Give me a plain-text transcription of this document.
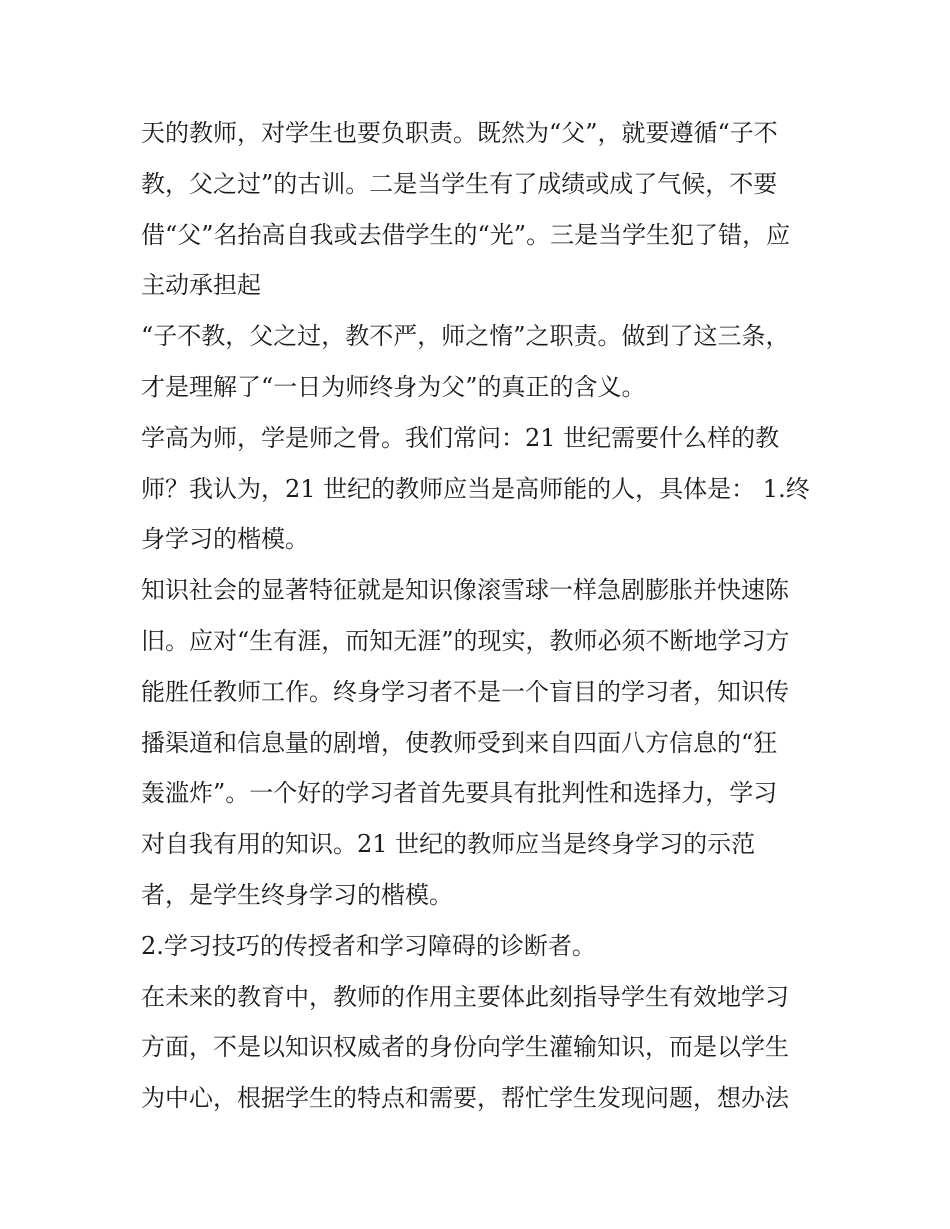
天的教师，对学生也要负职责。既然为“父”，就要遵循“子不
教，父之过”的古训。二是当学生有了成绩或成了气候，不要
借“父”名抬高自我或去借学生的“光”。三是当学生犯了错，应
主动承担起
“子不教，父之过，教不严，师之惰”之职责。做到了这三条，
才是理解了“一日为师终身为父”的真正的含义。
学高为师，学是师之骨。我们常问：21 世纪需要什么样的教
师？我认为，21 世纪的教师应当是高师能的人，具体是： 1.终
身学习的楷模。
知识社会的显著特征就是知识像滚雪球一样急剧膨胀并快速陈
旧。应对“生有涯，而知无涯”的现实，教师必须不断地学习方
能胜任教师工作。终身学习者不是一个盲目的学习者，知识传
播渠道和信息量的剧增，使教师受到来自四面八方信息的“狂
轰滥炸”。一个好的学习者首先要具有批判性和选择力，学习
对自我有用的知识。21 世纪的教师应当是终身学习的示范
者，是学生终身学习的楷模。
2.学习技巧的传授者和学习障碍的诊断者。
在未来的教育中，教师的作用主要体此刻指导学生有效地学习
方面，不是以知识权威者的身份向学生灌输知识，而是以学生
为中心，根据学生的特点和需要，帮忙学生发现问题，想办法
